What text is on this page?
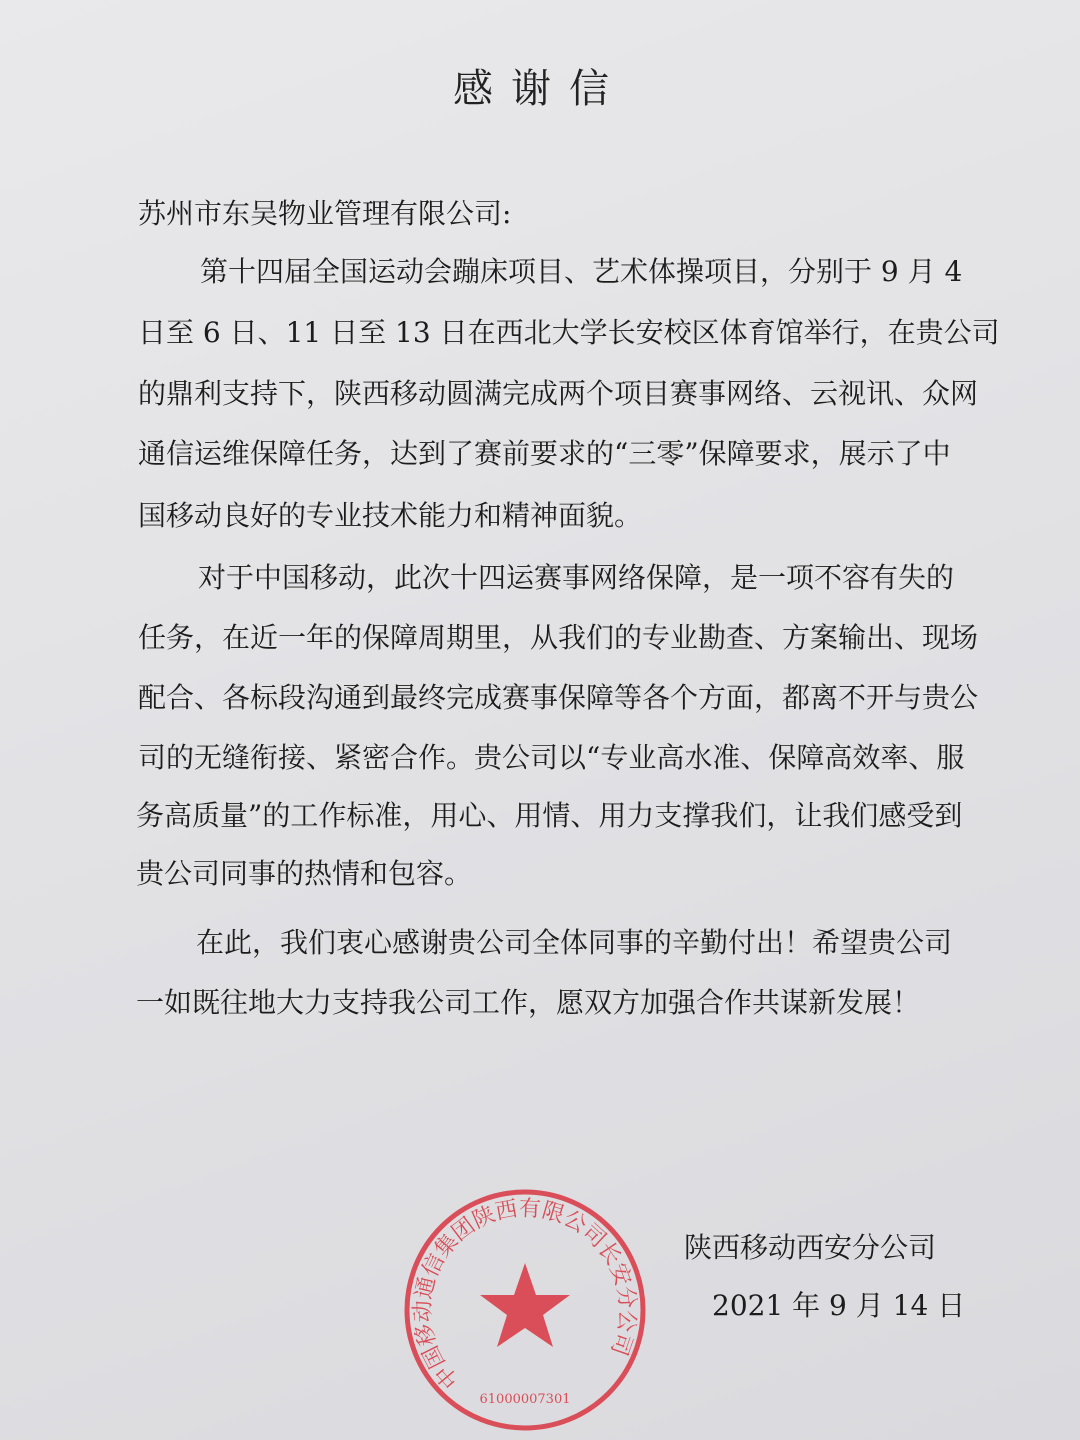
感谢信
苏州市东吴物业管理有限公司:
第十四届全国运动会蹦床项目、艺术体操项目，分别于 9 月 4
日至 6 日、11 日至 13 日在西北大学长安校区体育馆举行，在贵公司
的鼎利支持下，陕西移动圆满完成两个项目赛事网络、云视讯、众网
通信运维保障任务，达到了赛前要求的“三零”保障要求，展示了中
国移动良好的专业技术能力和精神面貌。
对于中国移动，此次十四运赛事网络保障，是一项不容有失的
任务，在近一年的保障周期里，从我们的专业勘查、方案输出、现场
配合、各标段沟通到最终完成赛事保障等各个方面，都离不开与贵公
司的无缝衔接、紧密合作。贵公司以“专业高水准、保障高效率、服
务高质量”的工作标准，用心、用情、用力支撑我们，让我们感受到
贵公司同事的热情和包容。
在此，我们衷心感谢贵公司全体同事的辛勤付出！希望贵公司
一如既往地大力支持我公司工作，愿双方加强合作共谋新发展！
中国移动通信集团陕西有限公司长安分公司
61000007301
陕西移动西安分公司
2021 年 9 月 14 日
